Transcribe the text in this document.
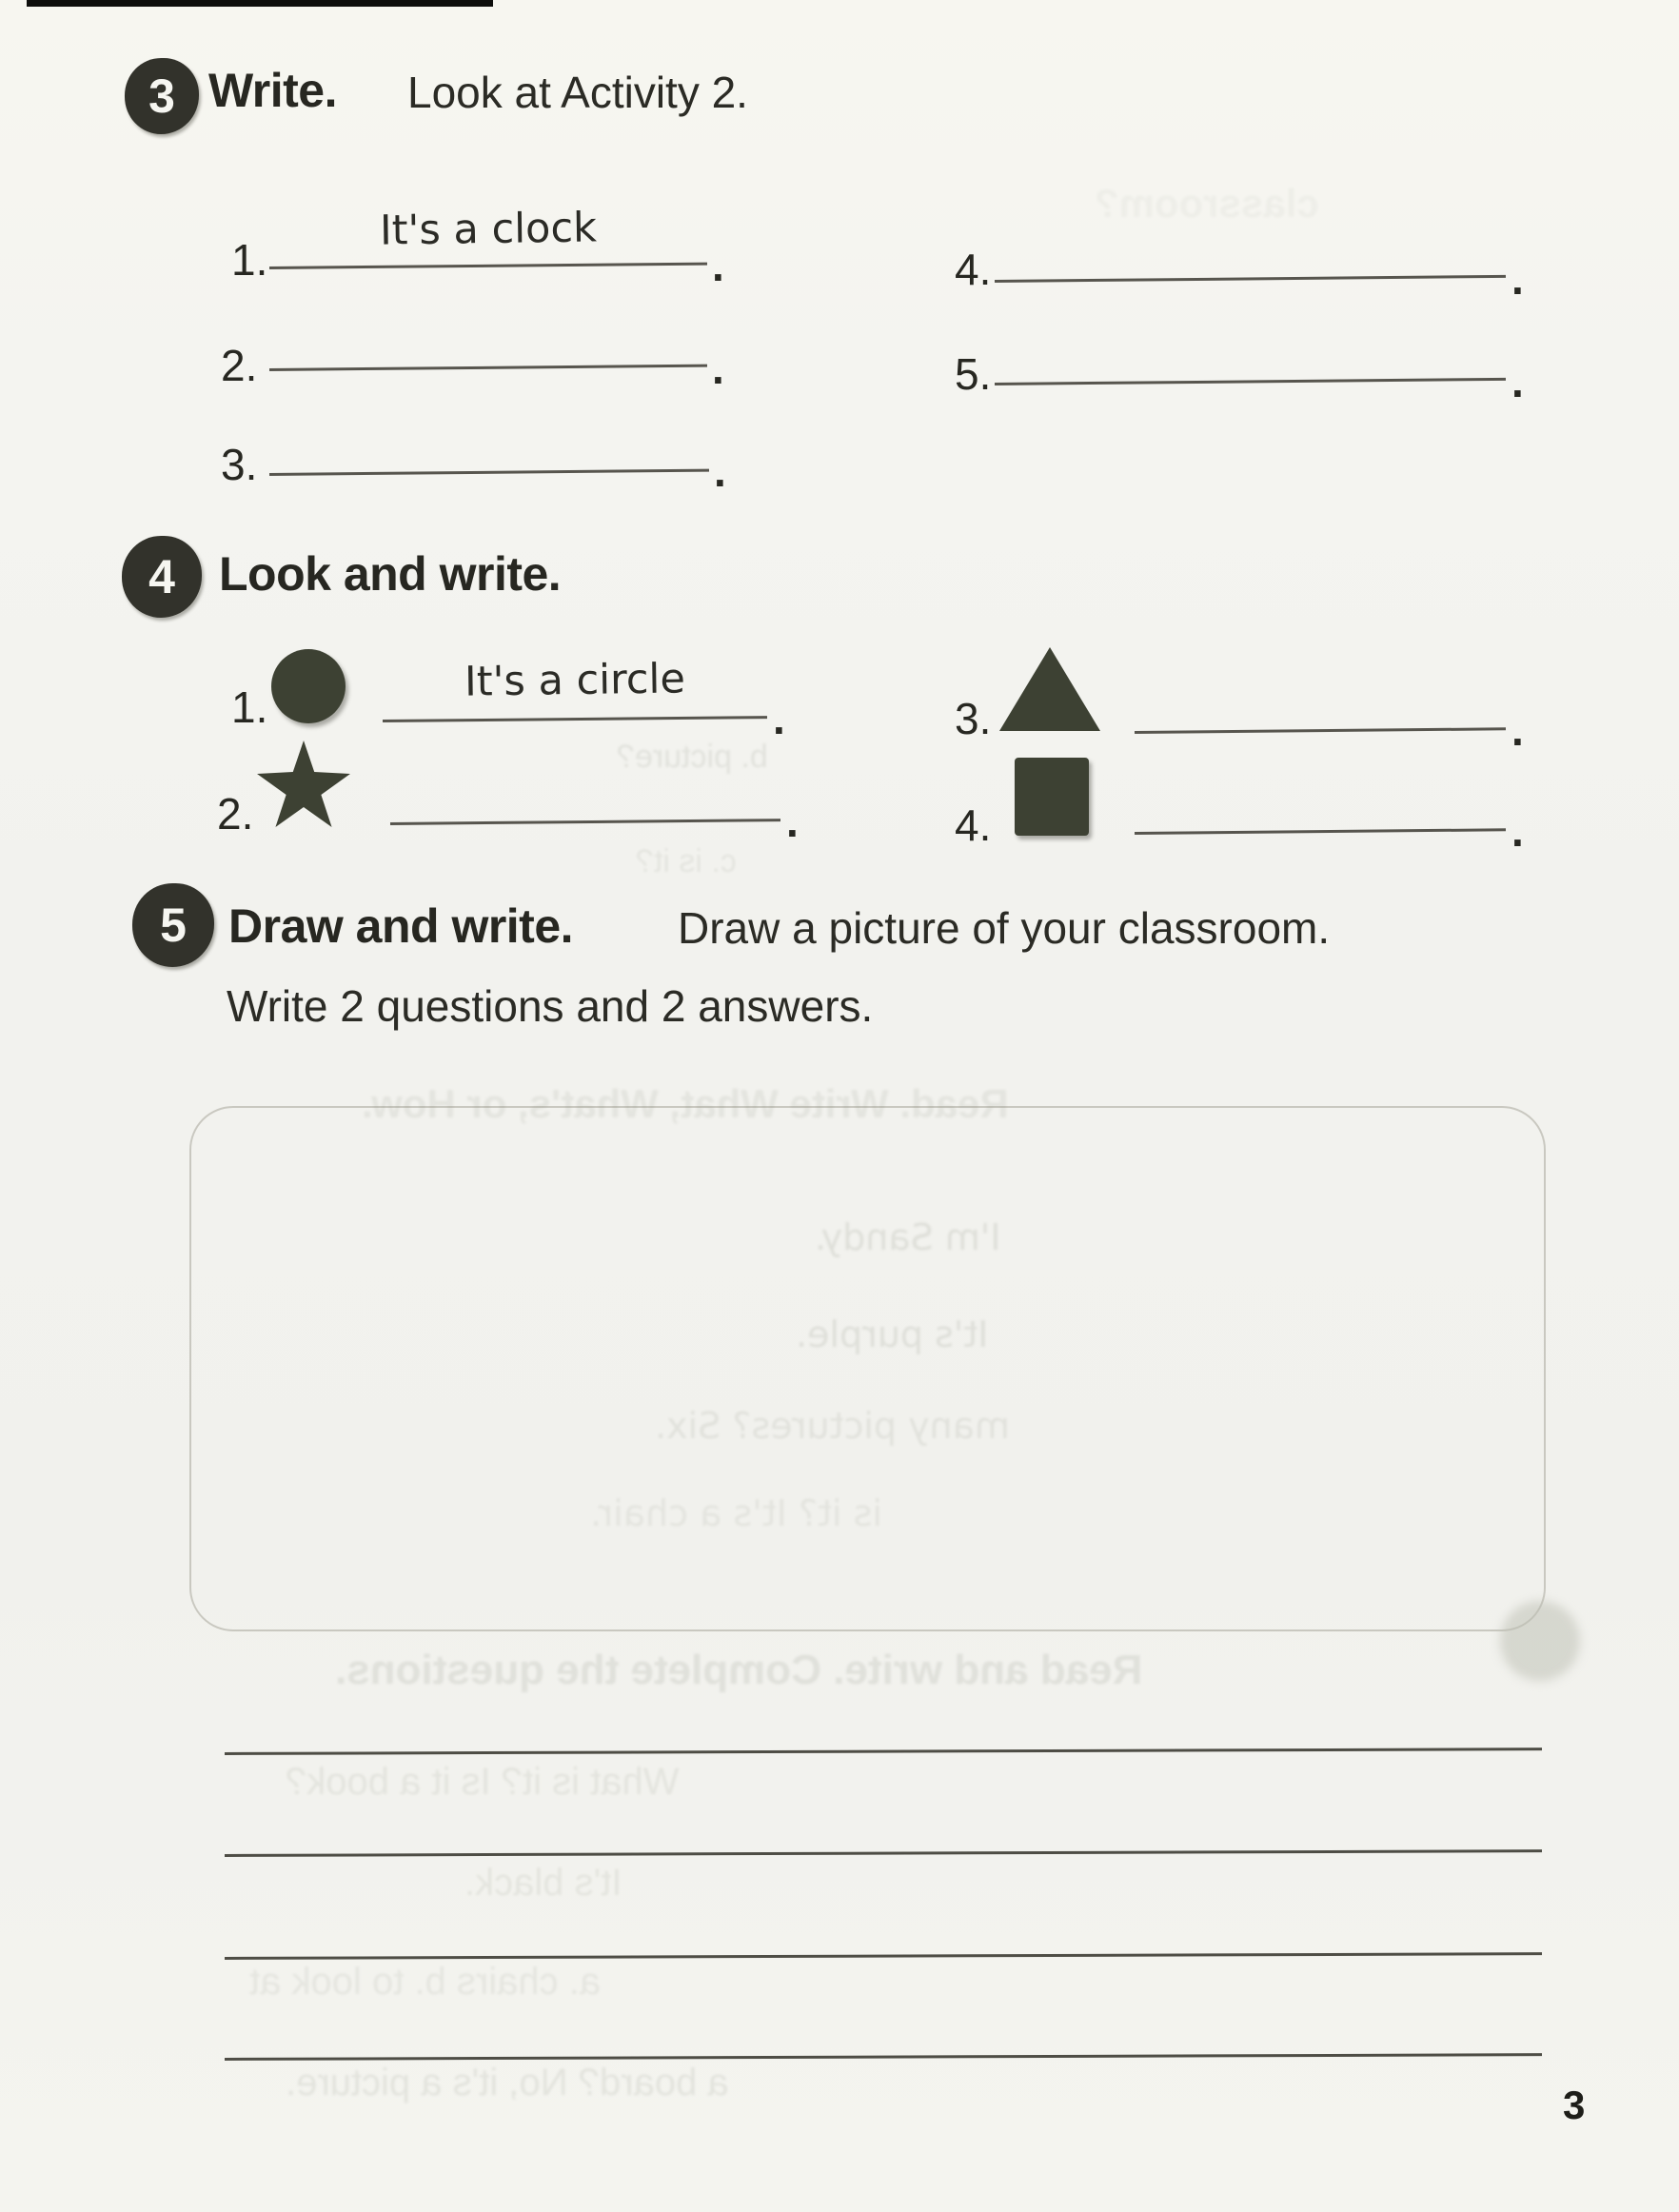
3 Write. Look at Activity 2.
1.
It's a clock
.
2.	.
3.	.
4.	.
5.	.
4 Look and write.
1.
It's a circle
.
2.	.
3.	.
4.	.
5 Draw and write. Draw a picture of your classroom.
Write 2 questions and 2 answers.
b. picture?
c. is it?
Read. Write What, What's, or How.
I'm Sandy.
It's purple.
many pictures? Six.
is it? It's a chair.
Read and write. Complete the questions.
What is it? Is it a book?
It's black.
a. chairs b. to look at
a board? No, it's a picture.
classroom?
3
